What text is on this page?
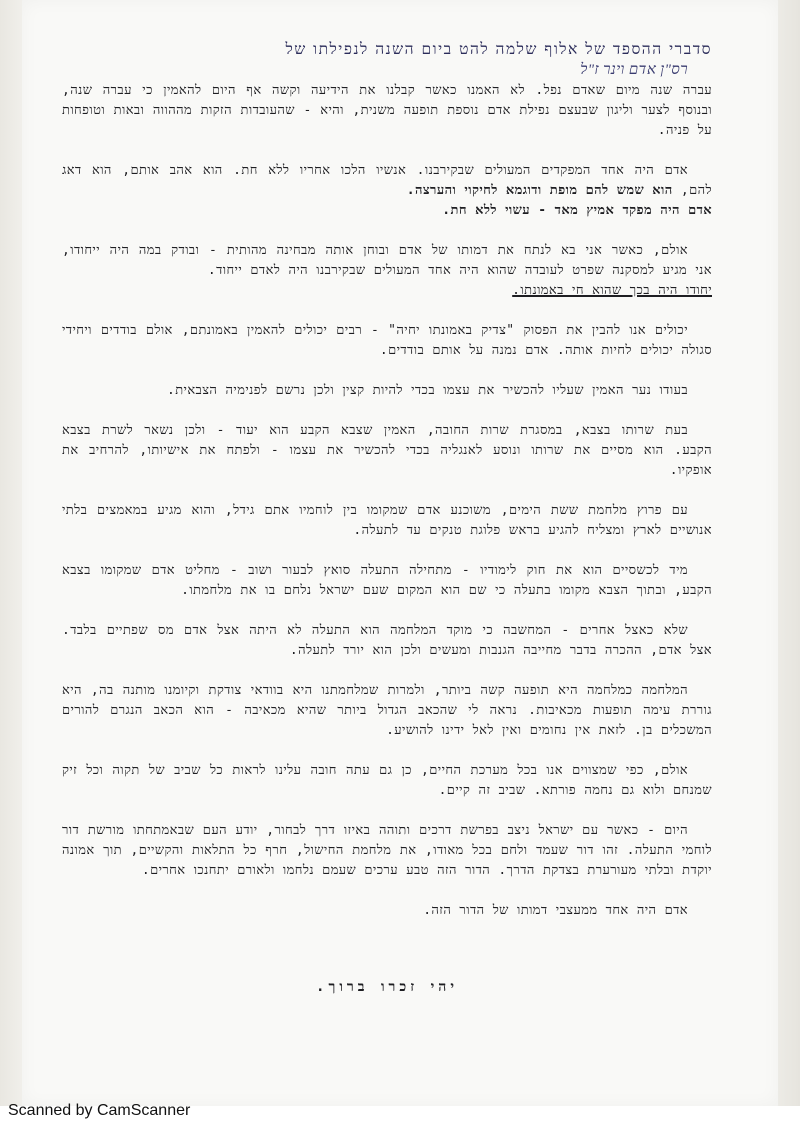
סדברי ההספד של אלוף שלמה להט ביום השנה לנפילתו של
רס"ן אדם וינר ז"ל

עברה שנה מיום שאדם נפל. לא האמנו כאשר קבלנו את הידיעה וקשה אף היום להאמין כי עברה שנה, ובנוסף לצער וליגון שבעצם נפילת אדם נוספת תופעה משנית, והיא - שהעובדות הזקות מההווה ובאות וטופחות על פניה.

אדם היה אחד המפקדים המעולים שבקירבנו. אנשיו הלכו אחריו ללא חת. הוא אהב אותם, הוא דאג להם, הוא שמש להם מופת ודוגמא לחיקוי והערצה.
אדם היה מפקד אמיץ מאד - עשוי ללא חת.

אולם, כאשר אני בא לנתח את דמותו של אדם ובוחן אותה מבחינה מהותית - ובודק במה היה ייחודו, אני מגיע למסקנה שפרט לעובדה שהוא היה אחד המעולים שבקירבנו היה לאדם ייחוד.
יחודו היה בכך שהוא חי באמונתו.

יכולים אנו להבין את הפסוק "צדיק באמונתו יחיה" - רבים יכולים להאמין באמונתם, אולם בודדים ויחידי סגולה יכולים לחיות אותה. אדם נמנה על אותם בודדים.

בעודו נער האמין שעליו להכשיר את עצמו בכדי להיות קצין ולכן נרשם לפנימיה הצבאית.

בעת שרותו בצבא, במסגרת שרות החובה, האמין שצבא הקבע הוא יעוד - ולכן נשאר לשרת בצבא הקבע. הוא מסיים את שרותו ונוסע לאנגליה בכדי להכשיר את עצמו - ולפתח את אישיותו, להרחיב את אופקיו.

עם פרוץ מלחמת ששת הימים, משוכנע אדם שמקומו בין לוחמיו אתם גידל, והוא מגיע במאמצים בלתי אנושיים לארץ ומצליח להגיע בראש פלוגת טנקים עד לתעלה.

מיד לכשסיים הוא את חוק לימודיו - מתחילה התעלה סואץ לבעור ושוב - מחליט אדם שמקומו בצבא הקבע, ובתוך הצבא מקומו בתעלה כי שם הוא המקום שעם ישראל נלחם בו את מלחמתו.

שלא כאצל אחרים - המחשבה כי מוקד המלחמה הוא התעלה לא היתה אצל אדם מס שפתיים בלבד. אצל אדם, ההכרה בדבר מחייבה הגנבות ומעשים ולכן הוא יורד לתעלה.

המלחמה כמלחמה היא תופעה קשה ביותר, ולמרות שמלחמתנו היא בוודאי צודקת וקיומנו מותנה בה, היא גוררת עימה תופעות מכאיבות. נראה לי שהכאב הגדול ביותר שהיא מכאיבה - הוא הכאב הנגרם להורים המשכלים בן. לזאת אין נחומים ואין לאל ידינו להושיע.

אולם, כפי שמצווים אנו בכל מערכת החיים, כן גם עתה חובה עלינו לראות כל שביב של תקוה וכל זיק שמנחם ולוא גם נחמה פורתא. שביב זה קיים.

היום - כאשר עם ישראל ניצב בפרשת דרכים ותוהה באיזו דרך לבחור, יודע העם שבאמתחתו מורשת דור לוחמי התעלה. זהו דור שעמד ולחם בכל מאודו, את מלחמת החישול, חרף כל התלאות והקשיים, תוך אמונה יוקדת ובלתי מעורערת בצדקת הדרך. הדור הזה טבע ערכים שעמם נלחמו ולאורם יתחנכו אחרים.

אדם היה אחד ממעצבי דמותו של הדור הזה.

יהי זכרו ברוך.
Scanned by CamScanner
